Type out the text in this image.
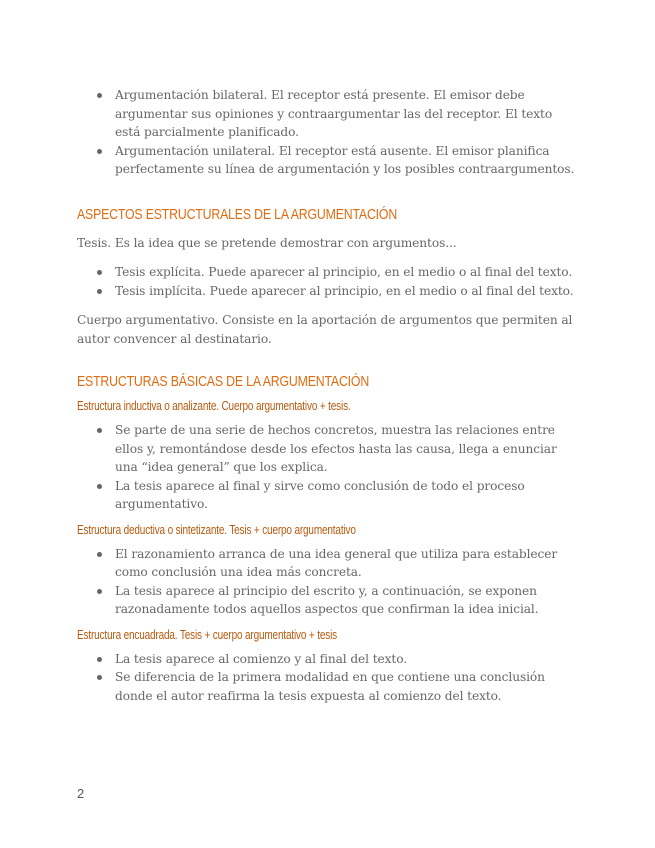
Argumentación bilateral. El receptor está presente. El emisor debe argumentar sus opiniones y contraargumentar las del receptor. El texto está parcialmente planificado.
Argumentación unilateral. El receptor está ausente. El emisor planifica perfectamente su línea de argumentación y los posibles contraargumentos.
ASPECTOS ESTRUCTURALES DE LA ARGUMENTACIÓN

Tesis. Es la idea que se pretende demostrar con argumentos...

Tesis explícita. Puede aparecer al principio, en el medio o al final del texto.
Tesis implícita. Puede aparecer al principio, en el medio o al final del texto.

Cuerpo argumentativo. Consiste en la aportación de argumentos que permiten al autor convencer al destinatario.

ESTRUCTURAS BÁSICAS DE LA ARGUMENTACIÓN
Estructura inductiva o analizante. Cuerpo argumentativo + tesis.
Se parte de una serie de hechos concretos, muestra las relaciones entre ellos y, remontándose desde los efectos hasta las causa, llega a enunciar una “idea general” que los explica.
La tesis aparece al final y sirve como conclusión de todo el proceso argumentativo.
Estructura deductiva o sintetizante. Tesis + cuerpo argumentativo
El razonamiento arranca de una idea general que utiliza para establecer como conclusión una idea más concreta.
La tesis aparece al principio del escrito y, a continuación, se exponen razonadamente todos aquellos aspectos que confirman la idea inicial.
Estructura encuadrada. Tesis + cuerpo argumentativo + tesis
La tesis aparece al comienzo y al final del texto.
Se diferencia de la primera modalidad en que contiene una conclusión donde el autor reafirma la tesis expuesta al comienzo del texto.
2
